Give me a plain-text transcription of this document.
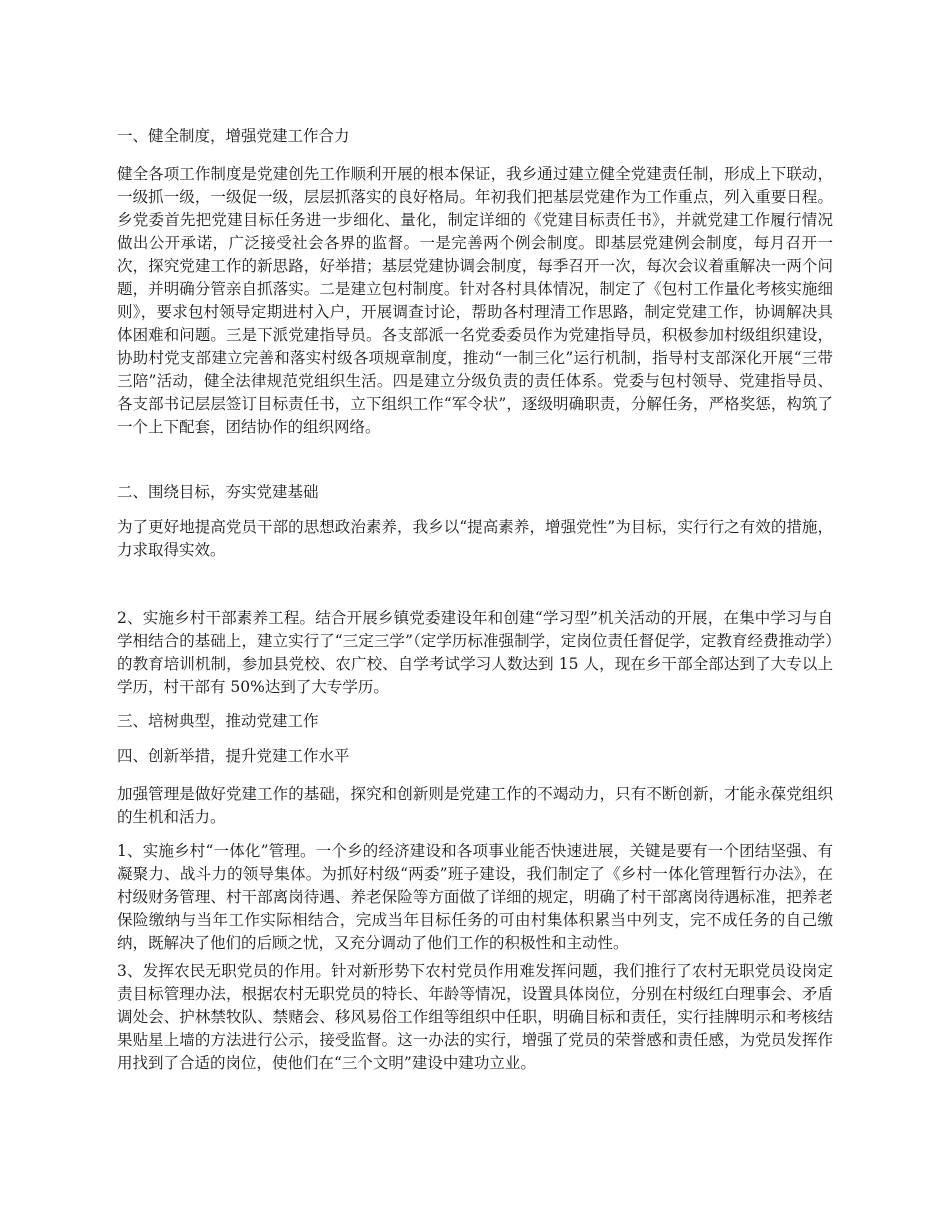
一、健全制度，增强党建工作合力

健全各项工作制度是党建创先工作顺利开展的根本保证，我乡通过建立健全党建责任制，形成上下联动，一级抓一级，一级促一级，层层抓落实的良好格局。年初我们把基层党建作为工作重点，列入重要日程。乡党委首先把党建目标任务进一步细化、量化，制定详细的《党建目标责任书》，并就党建工作履行情况做出公开承诺，广泛接受社会各界的监督。一是完善两个例会制度。即基层党建例会制度，每月召开一次，探究党建工作的新思路，好举措；基层党建协调会制度，每季召开一次，每次会议着重解决一两个问题，并明确分管亲自抓落实。二是建立包村制度。针对各村具体情况，制定了《包村工作量化考核实施细则》，要求包村领导定期进村入户，开展调查讨论，帮助各村理清工作思路，制定党建工作，协调解决具体困难和问题。三是下派党建指导员。各支部派一名党委委员作为党建指导员，积极参加村级组织建设，协助村党支部建立完善和落实村级各项规章制度，推动“一制三化”运行机制，指导村支部深化开展“三带三陪”活动，健全法律规范党组织生活。四是建立分级负责的责任体系。党委与包村领导、党建指导员、各支部书记层层签订目标责任书，立下组织工作“军令状”，逐级明确职责，分解任务，严格奖惩，构筑了一个上下配套，团结协作的组织网络。

二、围绕目标，夯实党建基础

为了更好地提高党员干部的思想政治素养，我乡以“提高素养，增强党性”为目标，实行行之有效的措施，力求取得实效。

2、实施乡村干部素养工程。结合开展乡镇党委建设年和创建“学习型”机关活动的开展，在集中学习与自学相结合的基础上，建立实行了“三定三学”（定学历标准强制学，定岗位责任督促学，定教育经费推动学）的教育培训机制，参加县党校、农广校、自学考试学习人数达到 15 人，现在乡干部全部达到了大专以上学历，村干部有 50%达到了大专学历。

三、培树典型，推动党建工作

四、创新举措，提升党建工作水平

加强管理是做好党建工作的基础，探究和创新则是党建工作的不竭动力，只有不断创新，才能永葆党组织的生机和活力。

1、实施乡村“一体化”管理。一个乡的经济建设和各项事业能否快速进展，关键是要有一个团结坚强、有凝聚力、战斗力的领导集体。为抓好村级“两委”班子建设，我们制定了《乡村一体化管理暂行办法》，在村级财务管理、村干部离岗待遇、养老保险等方面做了详细的规定，明确了村干部离岗待遇标准，把养老保险缴纳与当年工作实际相结合，完成当年目标任务的可由村集体积累当中列支，完不成任务的自己缴纳，既解决了他们的后顾之忧，又充分调动了他们工作的积极性和主动性。

3、发挥农民无职党员的作用。针对新形势下农村党员作用难发挥问题，我们推行了农村无职党员设岗定责目标管理办法，根据农村无职党员的特长、年龄等情况，设置具体岗位，分别在村级红白理事会、矛盾调处会、护林禁牧队、禁赌会、移风易俗工作组等组织中任职，明确目标和责任，实行挂牌明示和考核结果贴星上墙的方法进行公示，接受监督。这一办法的实行，增强了党员的荣誉感和责任感，为党员发挥作用找到了合适的岗位，使他们在“三个文明”建设中建功立业。
